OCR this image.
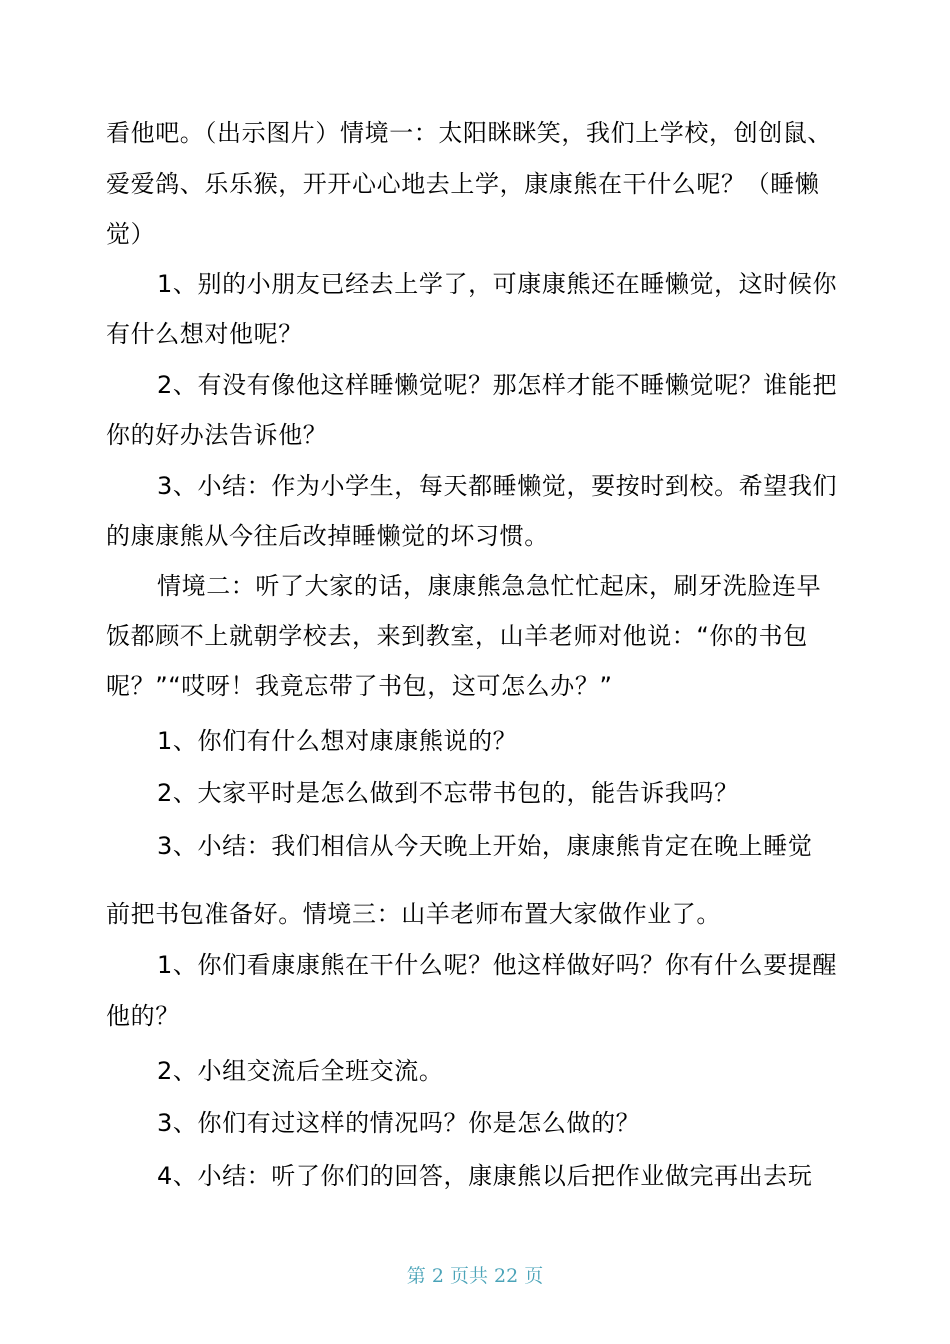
看他吧。（出示图片）情境一：太阳眯眯笑，我们上学校，创创鼠、
爱爱鸽、乐乐猴，开开心心地去上学，康康熊在干什么呢？（睡懒
觉）
1、别的小朋友已经去上学了，可康康熊还在睡懒觉，这时候你
有什么想对他呢？
2、有没有像他这样睡懒觉呢？那怎样才能不睡懒觉呢？谁能把
你的好办法告诉他？
3、小结：作为小学生，每天都睡懒觉，要按时到校。希望我们
的康康熊从今往后改掉睡懒觉的坏习惯。
情境二：听了大家的话，康康熊急急忙忙起床，刷牙洗脸连早
饭都顾不上就朝学校去，来到教室，山羊老师对他说：“你的书包
呢？”“哎呀！我竟忘带了书包，这可怎么办？”
1、你们有什么想对康康熊说的？
2、大家平时是怎么做到不忘带书包的，能告诉我吗？
3、小结：我们相信从今天晚上开始，康康熊肯定在晚上睡觉
前把书包准备好。情境三：山羊老师布置大家做作业了。
1、你们看康康熊在干什么呢？他这样做好吗？你有什么要提醒
他的？
2、小组交流后全班交流。
3、你们有过这样的情况吗？你是怎么做的？
4、小结：听了你们的回答，康康熊以后把作业做完再出去玩
第 2 页共 22 页
